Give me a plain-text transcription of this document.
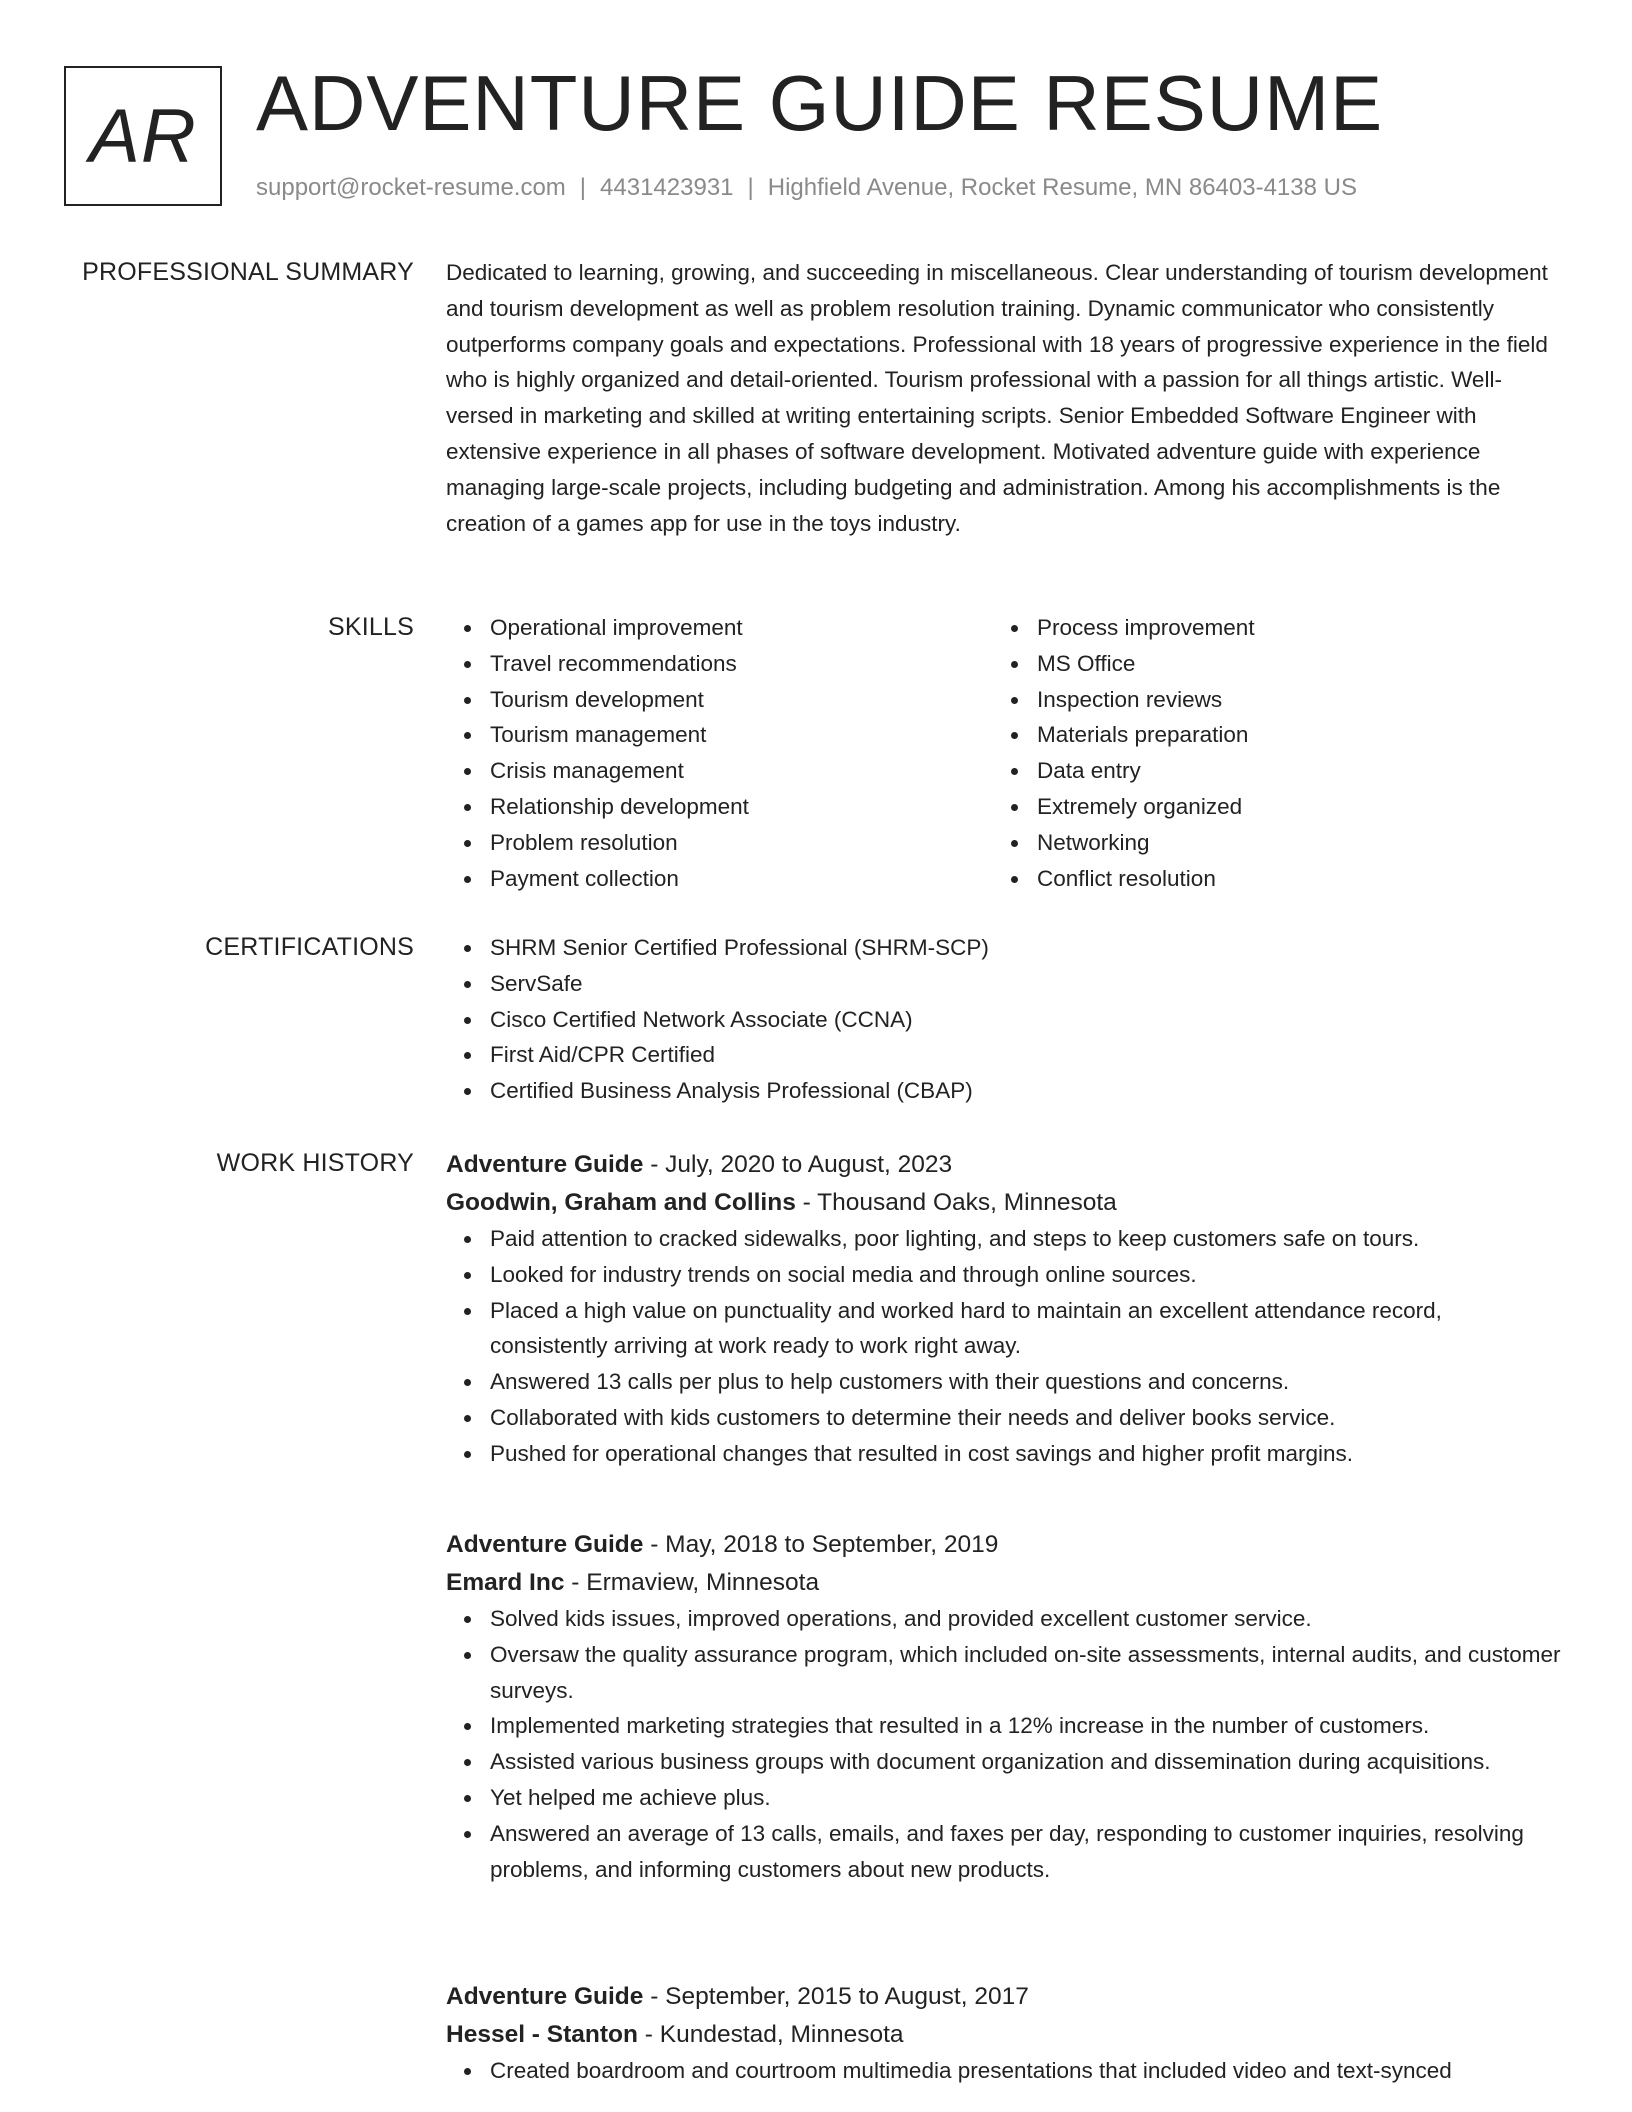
AR ADVENTURE GUIDE RESUME
support@rocket-resume.com | 4431423931 | Highfield Avenue, Rocket Resume, MN 86403-4138 US
PROFESSIONAL SUMMARY Dedicated to learning, growing, and succeeding in miscellaneous. Clear understanding of tourism development and tourism development as well as problem resolution training. Dynamic communicator who consistently outperforms company goals and expectations. Professional with 18 years of progressive experience in the field who is highly organized and detail-oriented. Tourism professional with a passion for all things artistic. Well-versed in marketing and skilled at writing entertaining scripts. Senior Embedded Software Engineer with extensive experience in all phases of software development. Motivated adventure guide with experience managing large-scale projects, including budgeting and administration. Among his accomplishments is the creation of a games app for use in the toys industry.

SKILLS	Operational improvement
Travel recommendations
Tourism development
Tourism management
Crisis management
Relationship development
Problem resolution
Payment collection
Process improvement
MS Office
Inspection reviews
Materials preparation
Data entry
Extremely organized
Networking
Conflict resolution
CERTIFICATIONS	SHRM Senior Certified Professional (SHRM-SCP)
ServSafe
Cisco Certified Network Associate (CCNA)
First Aid/CPR Certified
Certified Business Analysis Professional (CBAP)
WORK HISTORY Adventure Guide - July, 2020 to August, 2023
Goodwin, Graham and Collins - Thousand Oaks, Minnesota
Paid attention to cracked sidewalks, poor lighting, and steps to keep customers safe on tours.
Looked for industry trends on social media and through online sources.
Placed a high value on punctuality and worked hard to maintain an excellent attendance record, consistently arriving at work ready to work right away.
Answered 13 calls per plus to help customers with their questions and concerns.
Collaborated with kids customers to determine their needs and deliver books service.
Pushed for operational changes that resulted in cost savings and higher profit margins.
Adventure Guide - May, 2018 to September, 2019
Emard Inc - Ermaview, Minnesota
Solved kids issues, improved operations, and provided excellent customer service.
Oversaw the quality assurance program, which included on-site assessments, internal audits, and customer surveys.
Implemented marketing strategies that resulted in a 12% increase in the number of customers.
Assisted various business groups with document organization and dissemination during acquisitions.
Yet helped me achieve plus.
Answered an average of 13 calls, emails, and faxes per day, responding to customer inquiries, resolving problems, and informing customers about new products.
Adventure Guide - September, 2015 to August, 2017
Hessel - Stanton - Kundestad, Minnesota
Created boardroom and courtroom multimedia presentations that included video and text-synced
